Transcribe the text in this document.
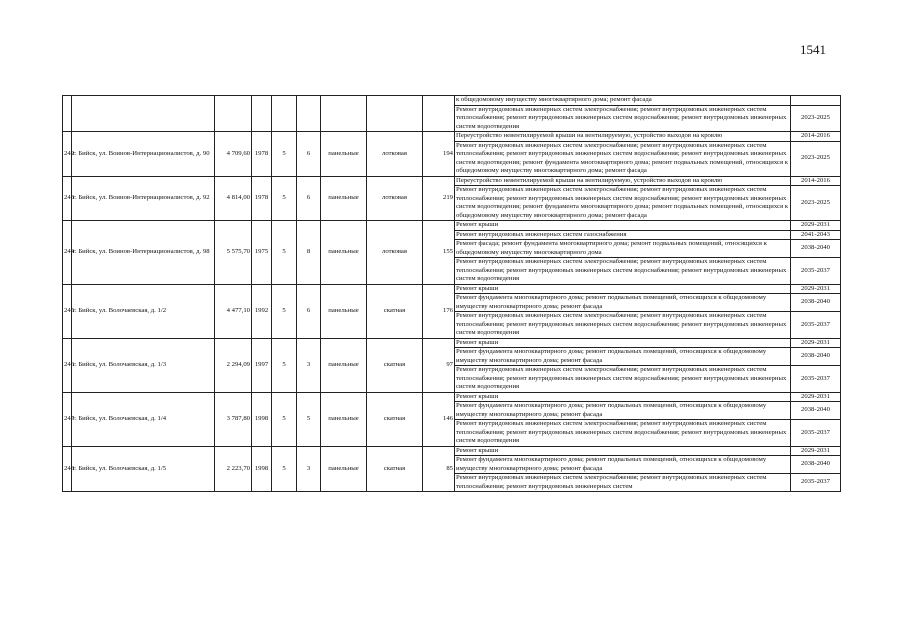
1541
									к общедомовому имуществу многоквартирного дома; ремонт фасада	
									Ремонт внутридомовых инженерных систем электроснабжения; ремонт внутридомовых инженерных систем теплоснабжения; ремонт внутридомовых инженерных систем водоснабжения; ремонт внутридомовых инженерных систем водоотведения	2023-2025
242	г. Бийск, ул. Воинов-Интернационалистов, д. 90	4 709,60	1978	5	6	панельные	лотковая	194	Переустройство невентилируемой крыши на вентилируемую, устройство выходов на кровлю	2014-2016
									Ремонт внутридомовых инженерных систем электроснабжения; ремонт внутридомовых инженерных систем теплоснабжения; ремонт внутридомовых инженерных систем водоснабжения; ремонт внутридомовых инженерных систем водоотведения; ремонт фундамента многоквартирного дома; ремонт подвальных помещений, относящихся к общедомовому имуществу многоквартирного дома; ремонт фасада	2023-2025
243	г. Бийск, ул. Воинов-Интернационалистов, д. 92	4 814,00	1978	5	6	панельные	лотковая	219	Переустройство невентилируемой крыши на вентилируемую, устройство выходов на кровлю	2014-2016
									Ремонт внутридомовых инженерных систем электроснабжения; ремонт внутридомовых инженерных систем теплоснабжения; ремонт внутридомовых инженерных систем водоснабжения; ремонт внутридомовых инженерных систем водоотведения; ремонт фундамента многоквартирного дома; ремонт подвальных помещений, относящихся к общедомовому имуществу многоквартирного дома; ремонт фасада	2023-2025
244	г. Бийск, ул. Воинов-Интернационалистов, д. 98	5 575,70	1975	5	8	панельные	лотковая	155	Ремонт крыши	2029-2031
									Ремонт внутридомовых инженерных систем газоснабжения	2041-2043
									Ремонт фасада; ремонт фундамента многоквартирного дома; ремонт подвальных помещений, относящихся к общедомовому имуществу многоквартирного дома	2038-2040
									Ремонт внутридомовых инженерных систем электроснабжения; ремонт внутридомовых инженерных систем теплоснабжения; ремонт внутридомовых инженерных систем водоснабжения; ремонт внутридомовых инженерных систем водоотведения	2035-2037
245	г. Бийск, ул. Волочаевская, д. 1/2	4 477,10	1992	5	6	панельные	скатная	176	Ремонт крыши	2029-2031
									Ремонт фундамента многоквартирного дома; ремонт подвальных помещений, относящихся к общедомовому имуществу многоквартирного дома; ремонт фасада	2038-2040
									Ремонт внутридомовых инженерных систем электроснабжения; ремонт внутридомовых инженерных систем теплоснабжения; ремонт внутридомовых инженерных систем водоснабжения; ремонт внутридомовых инженерных систем водоотведения	2035-2037
246	г. Бийск, ул. Волочаевская, д. 1/3	2 294,09	1997	5	3	панельные	скатная	97	Ремонт крыши	2029-2031
									Ремонт фундамента многоквартирного дома; ремонт подвальных помещений, относящихся к общедомовому имуществу многоквартирного дома; ремонт фасада	2038-2040
									Ремонт внутридомовых инженерных систем электроснабжения; ремонт внутридомовых инженерных систем теплоснабжения; ремонт внутридомовых инженерных систем водоснабжения; ремонт внутридомовых инженерных систем водоотведения	2035-2037
247	г. Бийск, ул. Волочаевская, д. 1/4	3 787,80	1998	5	5	панельные	скатная	146	Ремонт крыши	2029-2031
									Ремонт фундамента многоквартирного дома; ремонт подвальных помещений, относящихся к общедомовому имуществу многоквартирного дома; ремонт фасада	2038-2040
									Ремонт внутридомовых инженерных систем электроснабжения; ремонт внутридомовых инженерных систем теплоснабжения; ремонт внутридомовых инженерных систем водоснабжения; ремонт внутридомовых инженерных систем водоотведения	2035-2037
248	г. Бийск, ул. Волочаевская, д. 1/5	2 223,70	1998	5	3	панельные	скатная	85	Ремонт крыши	2029-2031
									Ремонт фундамента многоквартирного дома; ремонт подвальных помещений, относящихся к общедомовому имуществу многоквартирного дома; ремонт фасада	2038-2040
									Ремонт внутридомовых инженерных систем электроснабжения; ремонт внутридомовых инженерных систем теплоснабжения; ремонт внутридомовых инженерных систем	2035-2037
